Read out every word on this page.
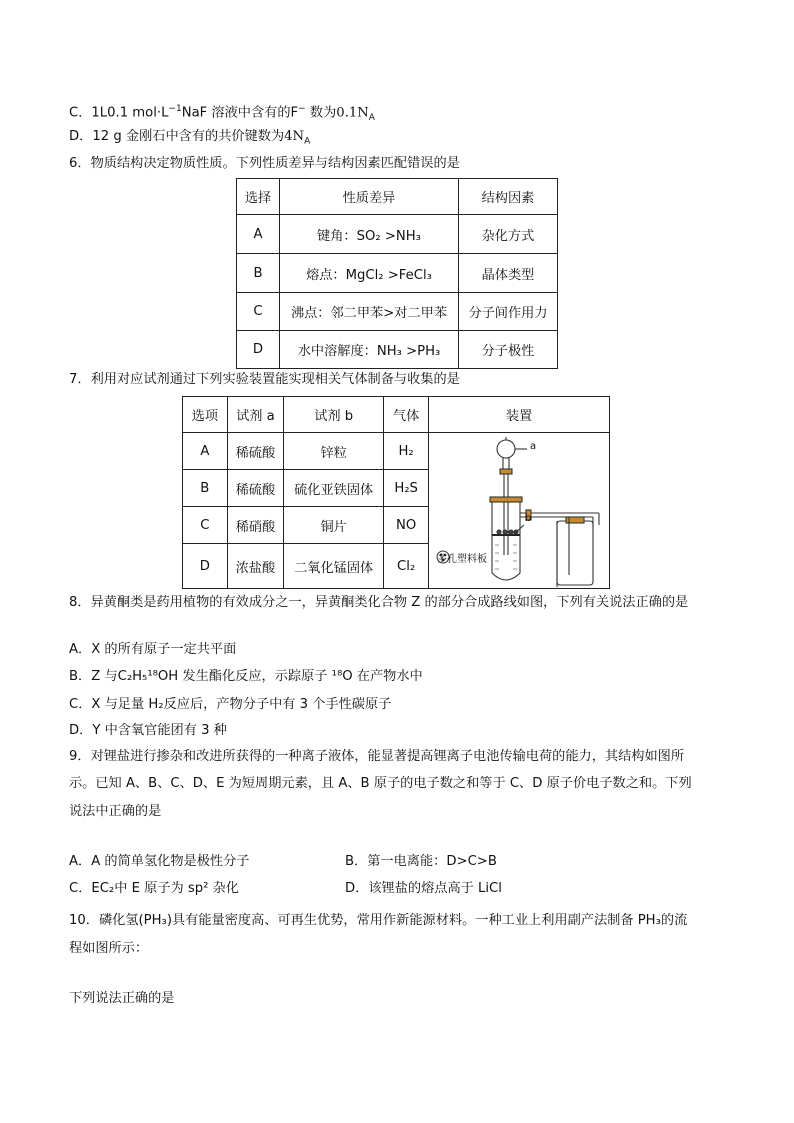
C．1L0.1 $mol\cdot L^{-1}NaF$ 溶液中含有的F− 数为$0.1N_A$
D．12 g 金刚石中含有的共价键数为$4N_A$
6．物质结构决定物质性质。下列性质差异与结构因素匹配错误的是
选择	性质差异	结构因素
A	键角：SO₂ >NH₃	杂化方式
B	熔点：MgCl₂ >FeCl₃	晶体类型
C	沸点：邻二甲苯>对二甲苯	分子间作用力
D	水中溶解度：NH₃ >PH₃	分子极性
7．利用对应试剂通过下列实验装置能实现相关气体制备与收集的是
选项	试剂 a	试剂 b	气体	装置
A	稀硫酸	锌粒	H₂	a
b
多孔塑料板

B	稀硫酸	硫化亚铁固体	H₂S	
C	稀硝酸	铜片	NO	
D	浓盐酸	二氧化锰固体	Cl₂	
8．异黄酮类是药用植物的有效成分之一，异黄酮类化合物 Z 的部分合成路线如图，下列有关说法正确的是
A．X 的所有原子一定共平面
B．Z 与C₂H₅¹⁸OH 发生酯化反应，示踪原子 ¹⁸O 在产物水中
C．X 与足量 H₂反应后，产物分子中有 3 个手性碳原子
D．Y 中含氧官能团有 3 种
9．对锂盐进行掺杂和改进所获得的一种离子液体，能显著提高锂离子电池传输电荷的能力，其结构如图所
示。已知 A、B、C、D、E 为短周期元素，且 A、B 原子的电子数之和等于 C、D 原子价电子数之和。下列
说法中正确的是
A．A 的简单氢化物是极性分子	B．第一电离能：D>C>B
C．EC₂中 E 原子为 sp² 杂化	D．该锂盐的熔点高于 LiCl
10．磷化氢(PH₃)具有能量密度高、可再生优势，常用作新能源材料。一种工业上利用副产法制备 PH₃的流
程如图所示：
下列说法正确的是
